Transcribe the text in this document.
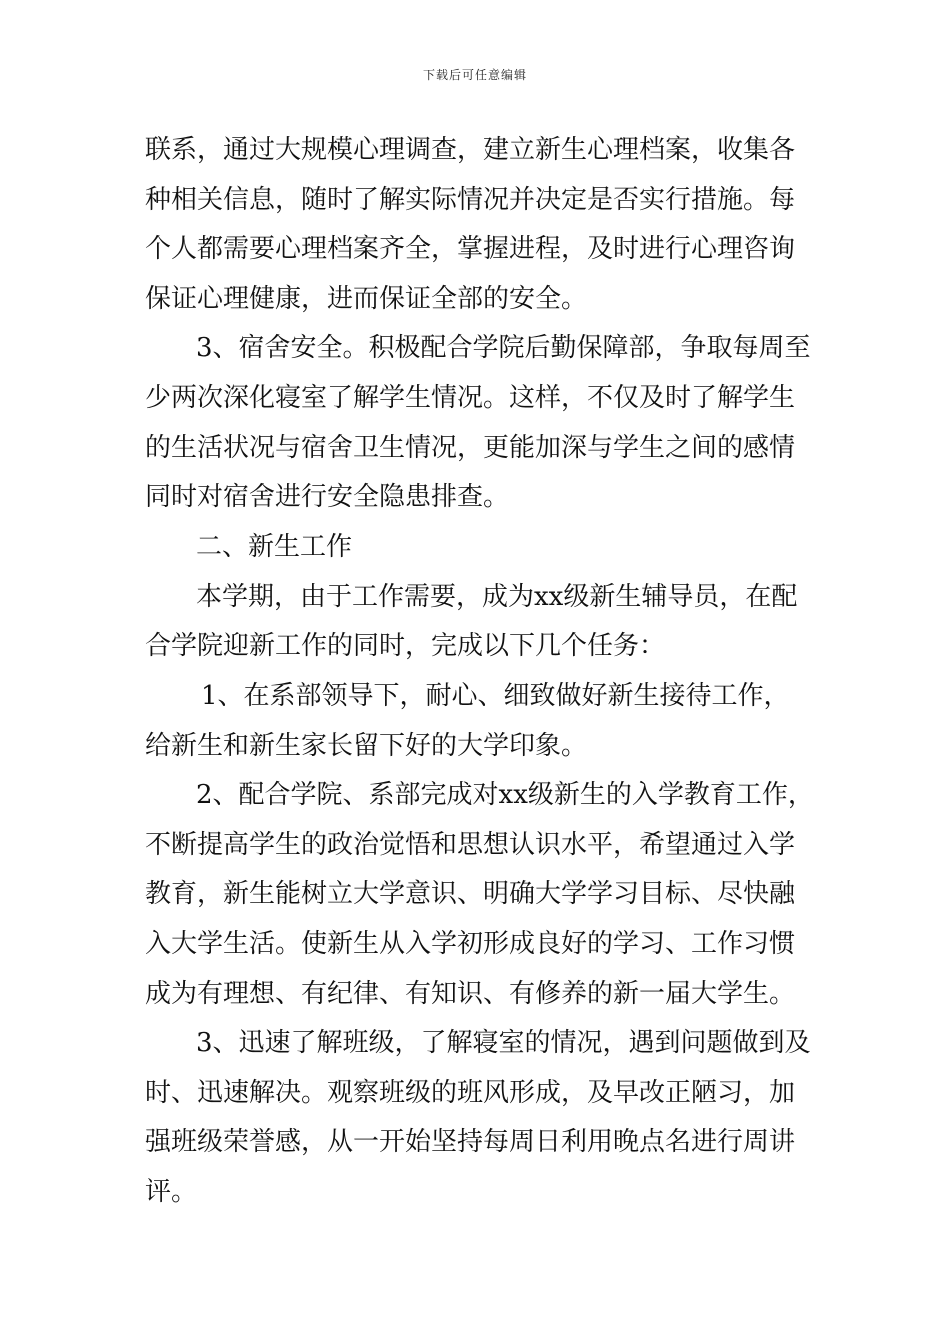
下载后可任意编辑
联系，通过大规模心理调查，建立新生心理档案，收集各
种相关信息，随时了解实际情况并决定是否实行措施。每
个人都需要心理档案齐全，掌握进程，及时进行心理咨询
保证心理健康，进而保证全部的安全。
3、宿舍安全。积极配合学院后勤保障部，争取每周至
少两次深化寝室了解学生情况。这样，不仅及时了解学生
的生活状况与宿舍卫生情况，更能加深与学生之间的感情
同时对宿舍进行安全隐患排查。
二、新生工作
本学期，由于工作需要，成为xx级新生辅导员，在配
合学院迎新工作的同时，完成以下几个任务：
1、在系部领导下，耐心、细致做好新生接待工作，
给新生和新生家长留下好的大学印象。
2、配合学院、系部完成对xx级新生的入学教育工作，
不断提高学生的政治觉悟和思想认识水平，希望通过入学
教育，新生能树立大学意识、明确大学学习目标、尽快融
入大学生活。使新生从入学初形成良好的学习、工作习惯
成为有理想、有纪律、有知识、有修养的新一届大学生。
3、迅速了解班级，了解寝室的情况，遇到问题做到及
时、迅速解决。观察班级的班风形成，及早改正陋习，加
强班级荣誉感，从一开始坚持每周日利用晚点名进行周讲
评。
